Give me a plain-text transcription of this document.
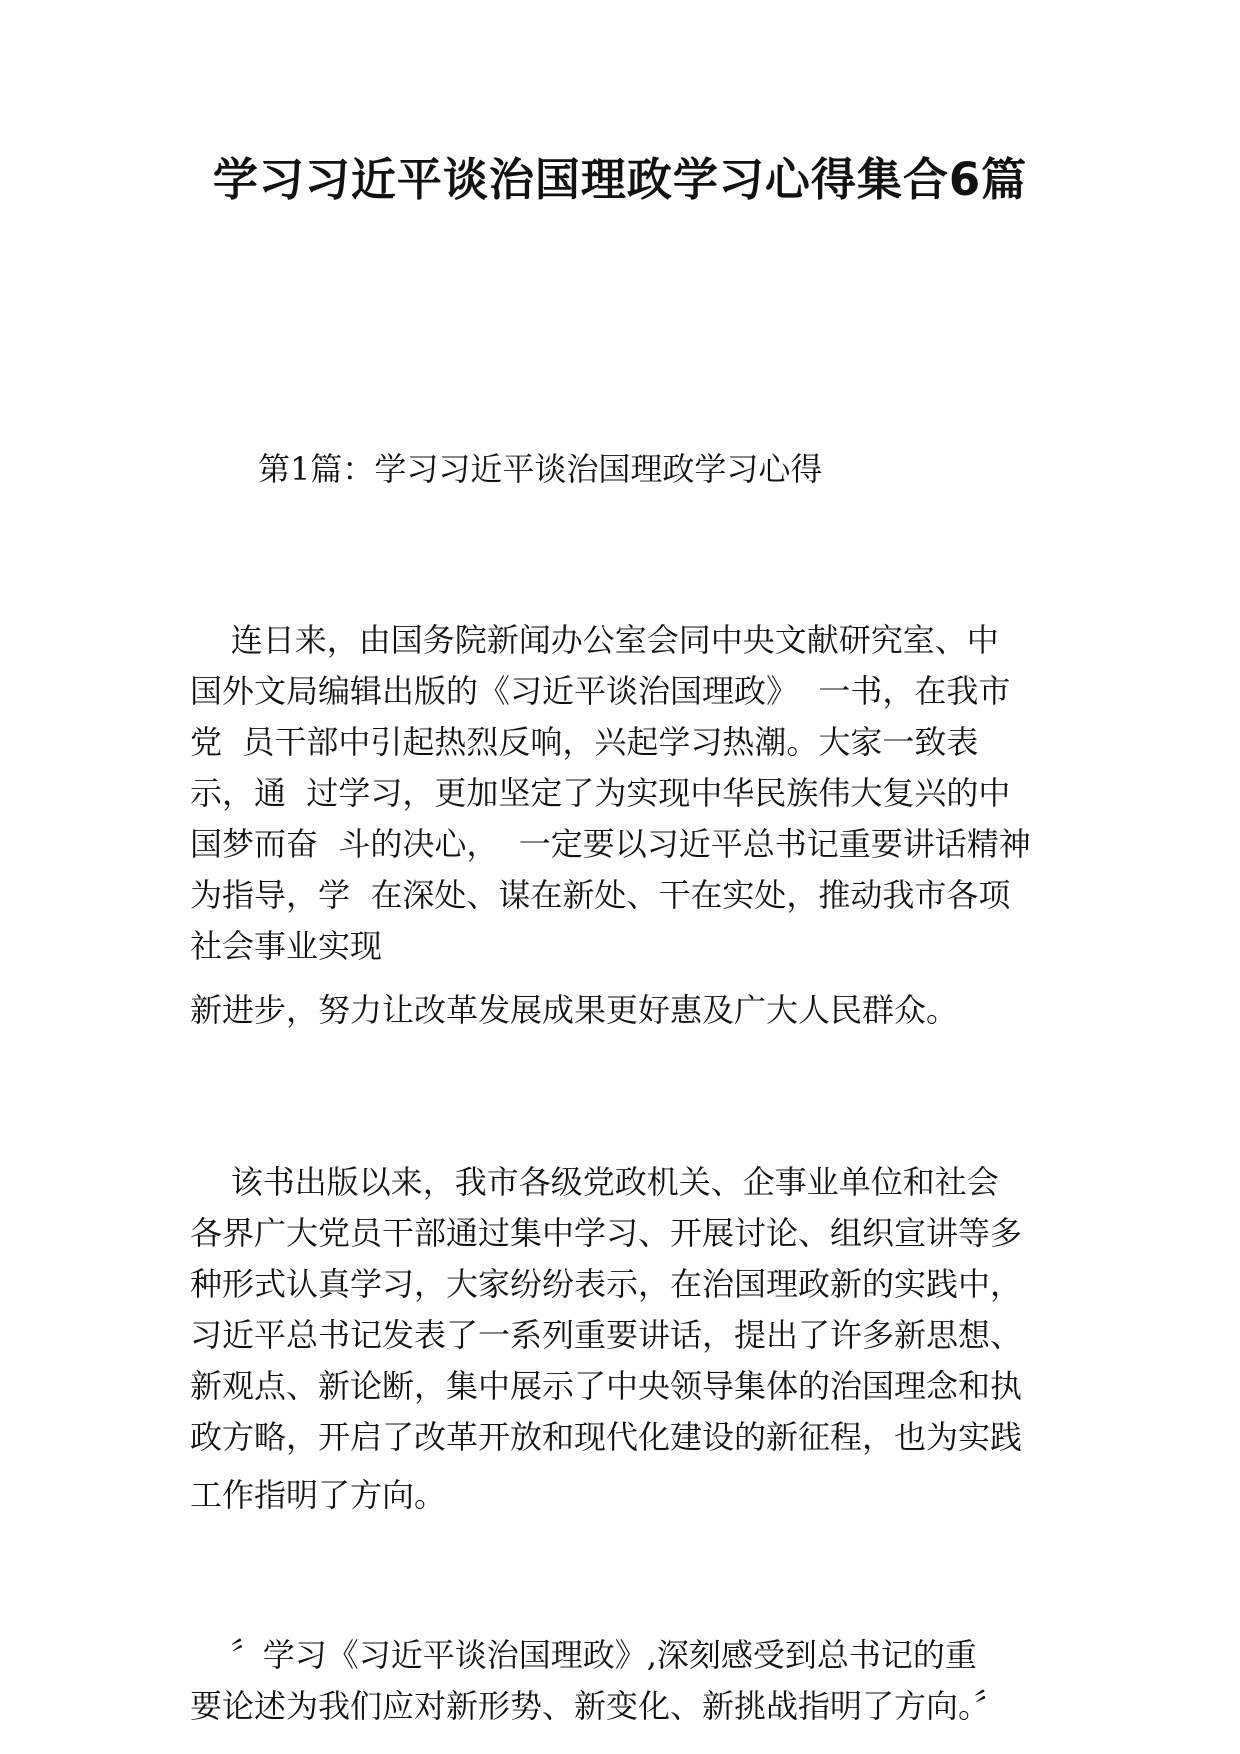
学习习近平谈治国理政学习心得集合6篇

第1篇：学习习近平谈治国理政学习心得

连日来，由国务院新闻办公室会同中央文献研究室、中
国外文局编辑出版的《习近平谈治国理政》  一书，在我市
党  员干部中引起热烈反响，兴起学习热潮。大家一致表
示，通  过学习，更加坚定了为实现中华民族伟大复兴的中
国梦而奋  斗的决心，  一定要以习近平总书记重要讲话精神
为指导，学  在深处、谋在新处、干在实处，推动我市各项
社会事业实现
新进步，努力让改革发展成果更好惠及广大人民群众。
该书出版以来，我市各级党政机关、企事业单位和社会
各界广大党员干部通过集中学习、开展讨论、组织宣讲等多
种形式认真学习，大家纷纷表示，在治国理政新的实践中，
习近平总书记发表了一系列重要讲话，提出了许多新思想、
新观点、新论断，集中展示了中央领导集体的治国理念和执
政方略，开启了改革开放和现代化建设的新征程，也为实践
工作指明了方向。
〞学习《习近平谈治国理政》,深刻感受到总书记的重
要论述为我们应对新形势、新变化、新挑战指明了方向。〞
